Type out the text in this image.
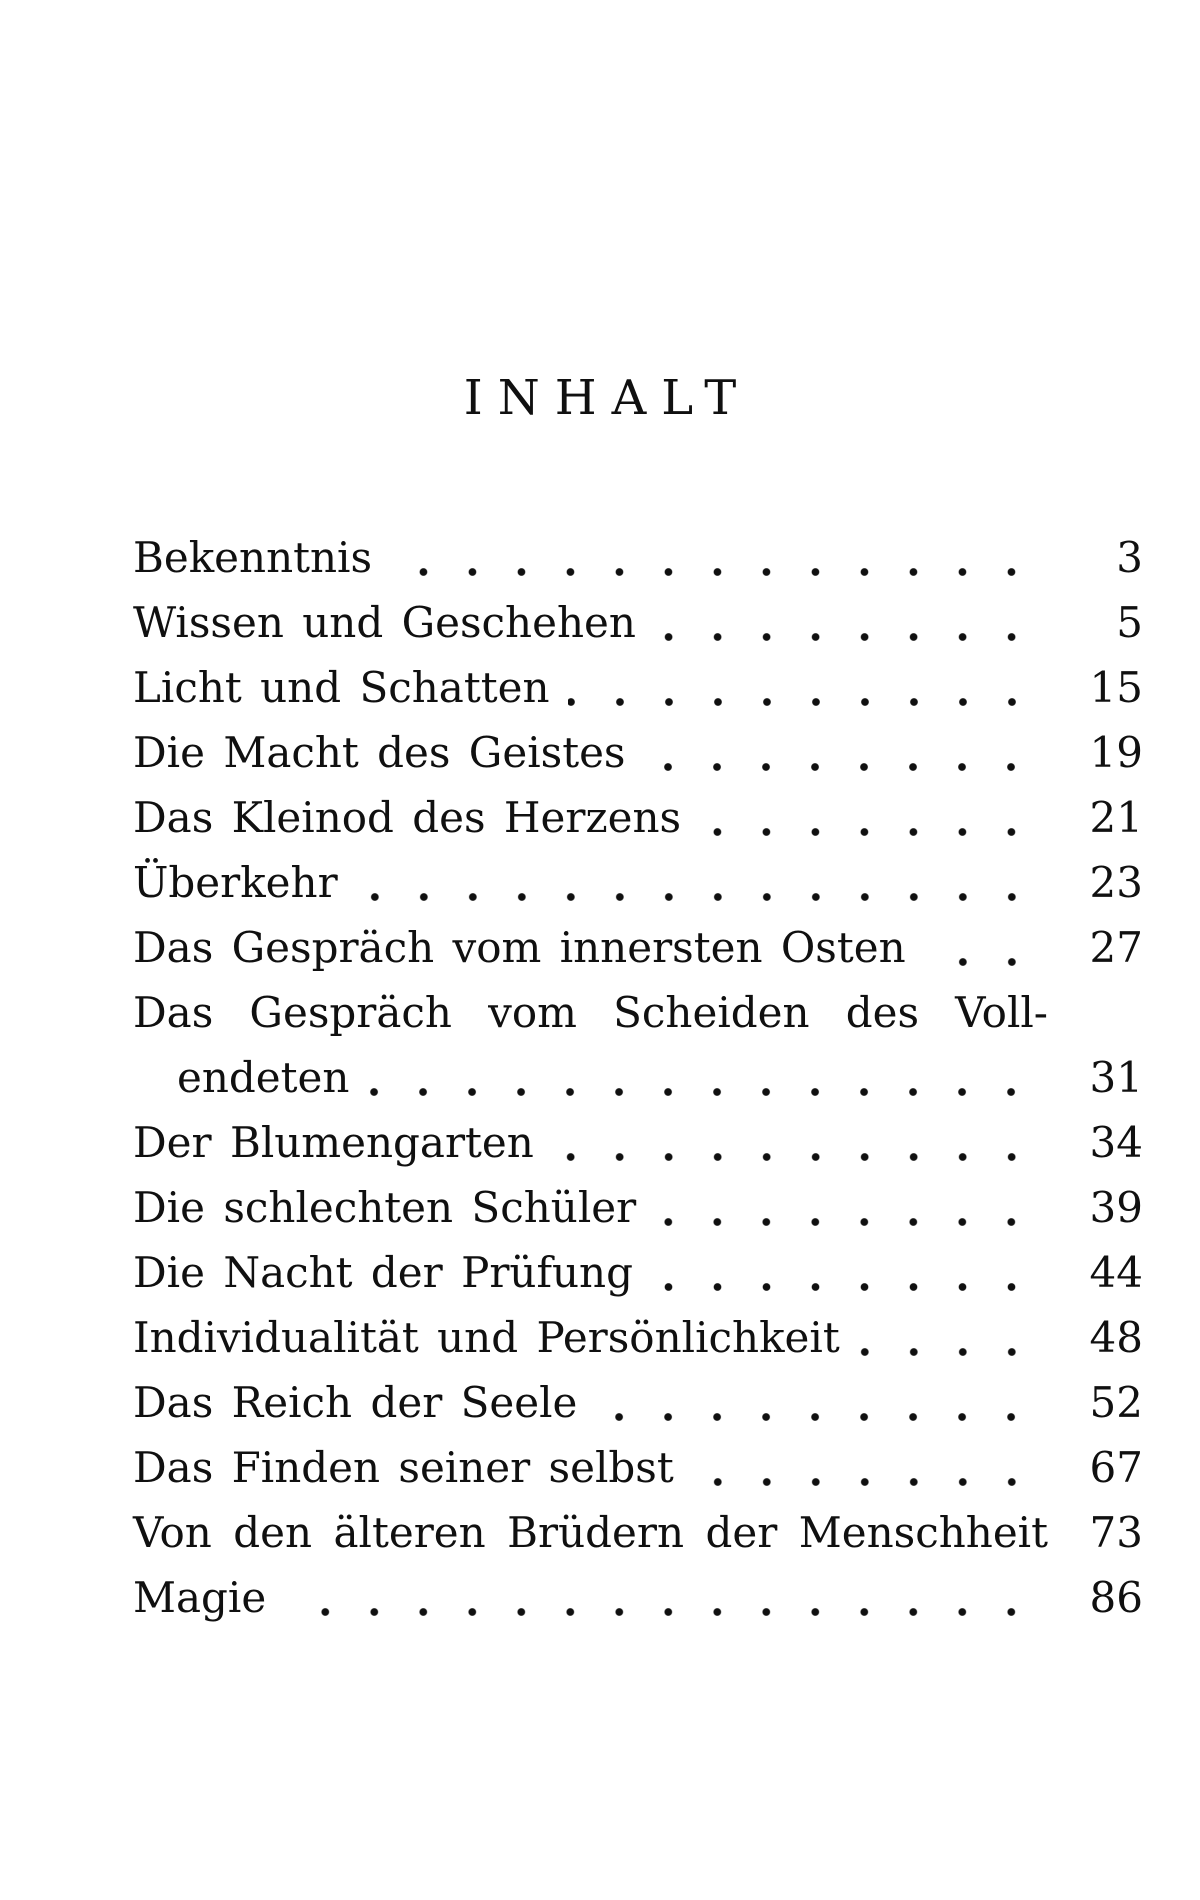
INHALT
Bekenntnis	3
Wissen und Geschehen	5
Licht und Schatten	15
Die Macht des Geistes	19
Das Kleinod des Herzens	21
Überkehr	23
Das Gespräch vom innersten Osten	27
Das Gespräch vom Scheiden des Voll-
endeten	31
Der Blumengarten	34
Die schlechten Schüler	39
Die Nacht der Prüfung	44
Individualität und Persönlichkeit	48
Das Reich der Seele	52
Das Finden seiner selbst	67
Von den älteren Brüdern der Menschheit 73
Magie	86
